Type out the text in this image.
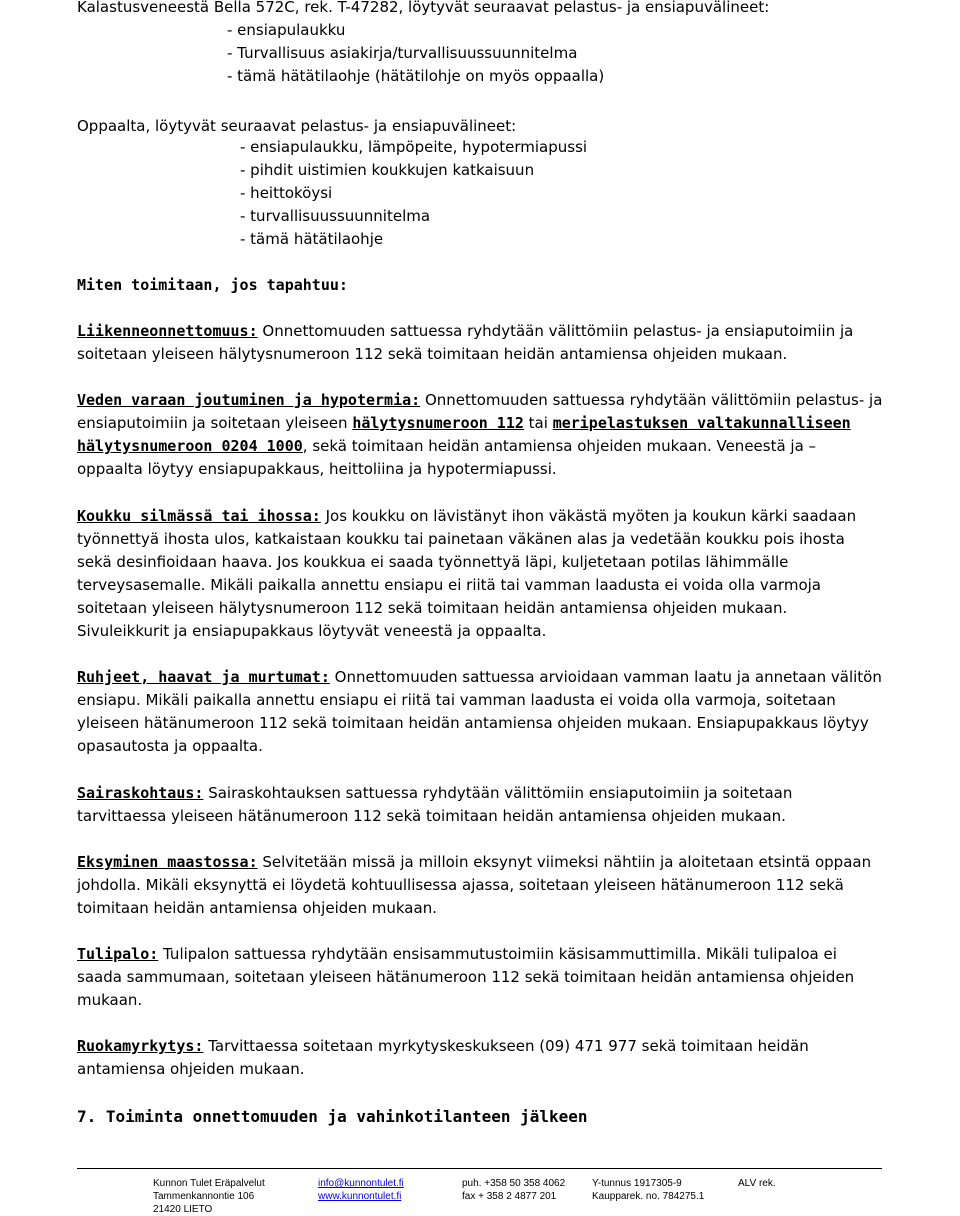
Kalastusveneestä Bella 572C, rek. T-47282, löytyvät seuraavat pelastus- ja ensiapuvälineet:
- ensiapulaukku
- Turvallisuus asiakirja/turvallisuussuunnitelma
- tämä hätätilaohje (hätätilohje on myös oppaalla)
Oppaalta, löytyvät seuraavat pelastus- ja ensiapuvälineet:
- ensiapulaukku, lämpöpeite, hypotermiapussi
- pihdit uistimien koukkujen katkaisuun
- heittoköysi
- turvallisuussuunnitelma
- tämä hätätilaohje
Miten toimitaan, jos tapahtuu:
Liikenneonnettomuus: Onnettomuuden sattuessa ryhdytään välittömiin pelastus- ja ensiaputoimiin ja
soitetaan yleiseen hälytysnumeroon 112 sekä toimitaan heidän antamiensa ohjeiden mukaan.
Veden varaan joutuminen ja hypotermia: Onnettomuuden sattuessa ryhdytään välittömiin pelastus- ja
ensiaputoimiin ja soitetaan yleiseen hälytysnumeroon 112 tai meripelastuksen valtakunnalliseen
hälytysnumeroon 0204 1000, sekä toimitaan heidän antamiensa ohjeiden mukaan. Veneestä ja –
oppaalta löytyy ensiapupakkaus, heittoliina ja hypotermiapussi.
Koukku silmässä tai ihossa: Jos koukku on lävistänyt ihon väkästä myöten ja koukun kärki saadaan
työnnettyä ihosta ulos, katkaistaan koukku tai painetaan väkänen alas ja vedetään koukku pois ihosta
sekä desinfioidaan haava. Jos koukkua ei saada työnnettyä läpi, kuljetetaan potilas lähimmälle
terveysasemalle. Mikäli paikalla annettu ensiapu ei riitä tai vamman laadusta ei voida olla varmoja
soitetaan yleiseen hälytysnumeroon 112 sekä toimitaan heidän antamiensa ohjeiden mukaan.
Sivuleikkurit ja ensiapupakkaus löytyvät veneestä ja oppaalta.
Ruhjeet, haavat ja murtumat: Onnettomuuden sattuessa arvioidaan vamman laatu ja annetaan välitön
ensiapu. Mikäli paikalla annettu ensiapu ei riitä tai vamman laadusta ei voida olla varmoja, soitetaan
yleiseen hätänumeroon 112 sekä toimitaan heidän antamiensa ohjeiden mukaan. Ensiapupakkaus löytyy
opasautosta ja oppaalta.
Sairaskohtaus: Sairaskohtauksen sattuessa ryhdytään välittömiin ensiaputoimiin ja soitetaan
tarvittaessa yleiseen hätänumeroon 112 sekä toimitaan heidän antamiensa ohjeiden mukaan.
Eksyminen maastossa: Selvitetään missä ja milloin eksynyt viimeksi nähtiin ja aloitetaan etsintä oppaan
johdolla. Mikäli eksynyttä ei löydetä kohtuullisessa ajassa, soitetaan yleiseen hätänumeroon 112 sekä
toimitaan heidän antamiensa ohjeiden mukaan.
Tulipalo: Tulipalon sattuessa ryhdytään ensisammutustoimiin käsisammuttimilla. Mikäli tulipaloa ei
saada sammumaan, soitetaan yleiseen hätänumeroon 112 sekä toimitaan heidän antamiensa ohjeiden
mukaan.
Ruokamyrkytys: Tarvittaessa soitetaan myrkytyskeskukseen (09) 471 977 sekä toimitaan heidän
antamiensa ohjeiden mukaan.
7. Toiminta onnettomuuden ja vahinkotilanteen jälkeen
Kunnon Tulet Eräpalvelut
Tammenkannontie 106
21420 LIETO
info@kunnontulet.fi
www.kunnontulet.fi
puh. +358 50 358 4062
fax + 358 2 4877 201
Y-tunnus 1917305-9
Kaupparek. no. 784275.1
ALV rek.
